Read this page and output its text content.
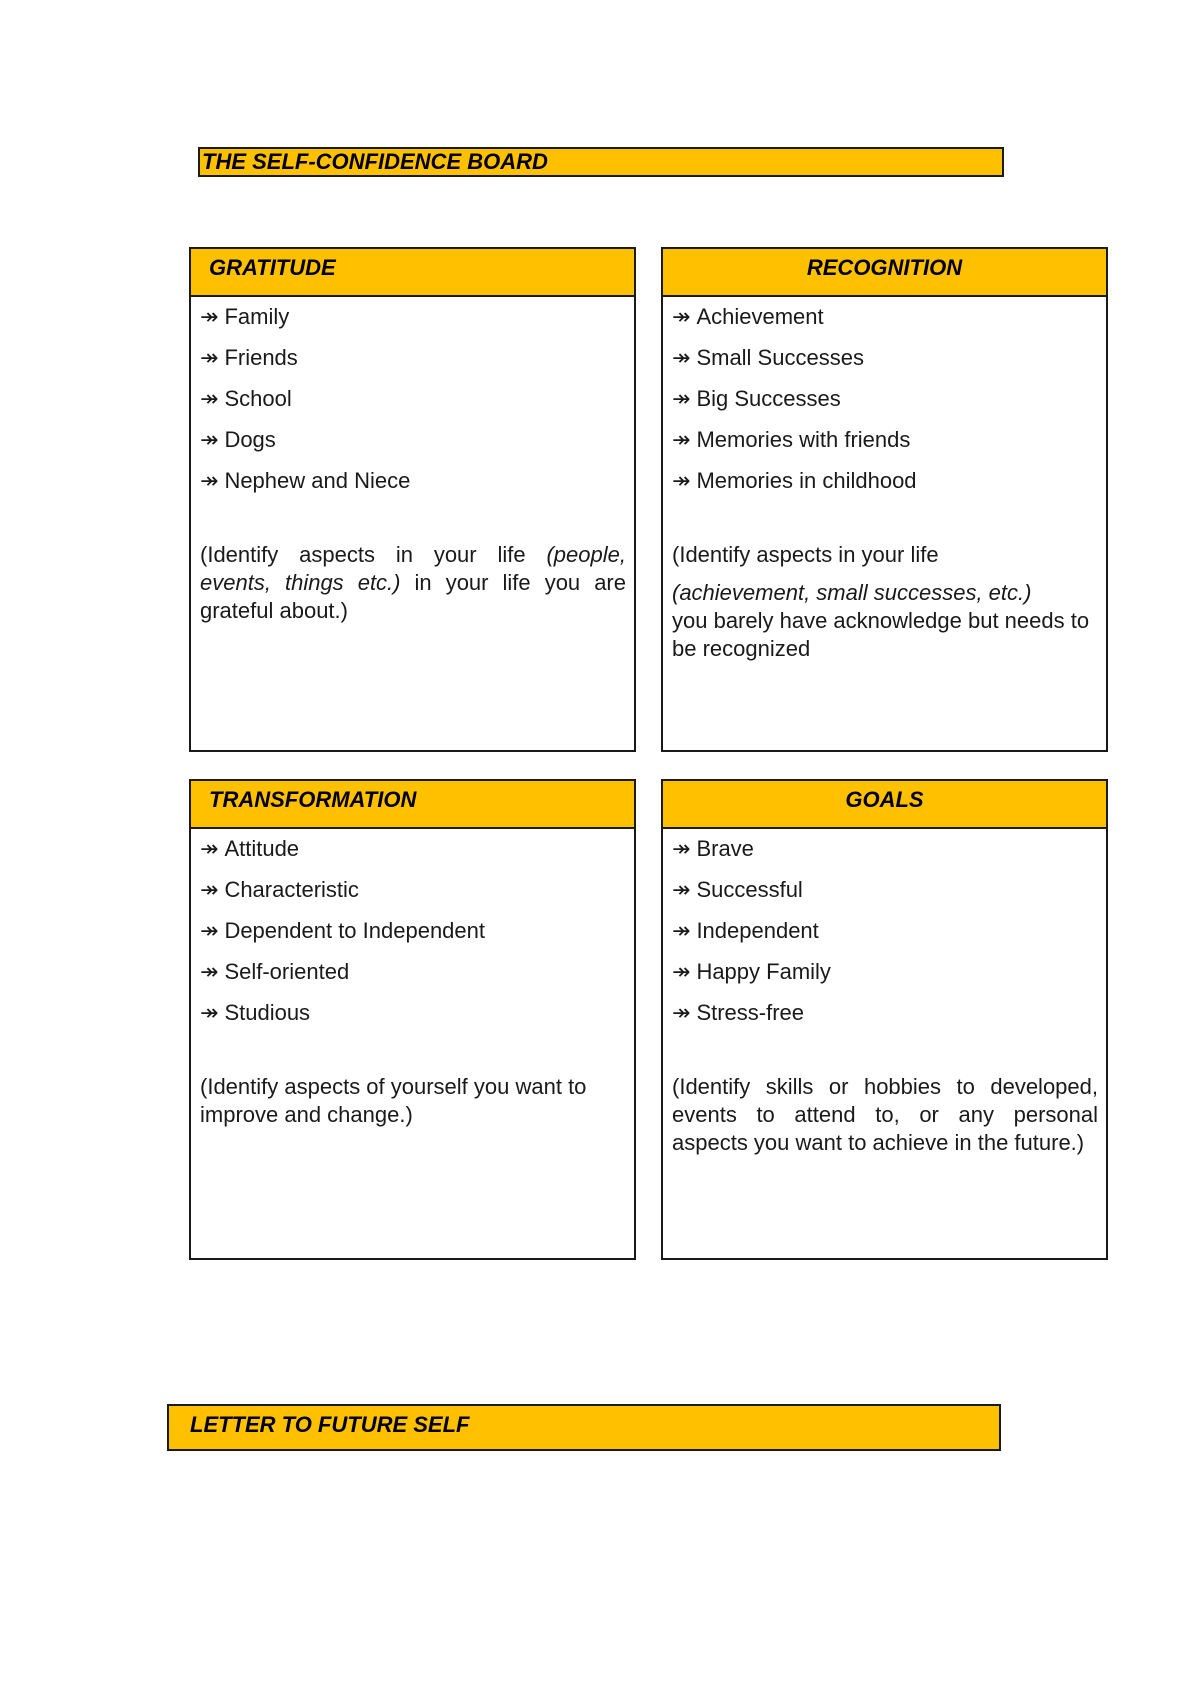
THE SELF-CONFIDENCE BOARD
GRATITUDE
↠ Family
↠ Friends
↠ School
↠ Dogs
↠ Nephew and Niece
(Identify aspects in your life (people, events, things etc.) in your life you are grateful about.)
RECOGNITION
↠ Achievement
↠ Small Successes
↠ Big Successes
↠ Memories with friends
↠ Memories in childhood

(Identify aspects in your life

(achievement, small successes, etc.)
you barely have acknowledge but needs to be recognized

TRANSFORMATION
↠ Attitude
↠ Characteristic
↠ Dependent to Independent
↠ Self-oriented
↠ Studious
(Identify aspects of yourself you want to improve and change.)
GOALS
↠ Brave
↠ Successful
↠ Independent
↠ Happy Family
↠ Stress-free
(Identify skills or hobbies to developed, events to attend to, or any personal aspects you want to achieve in the future.)
LETTER TO FUTURE SELF
